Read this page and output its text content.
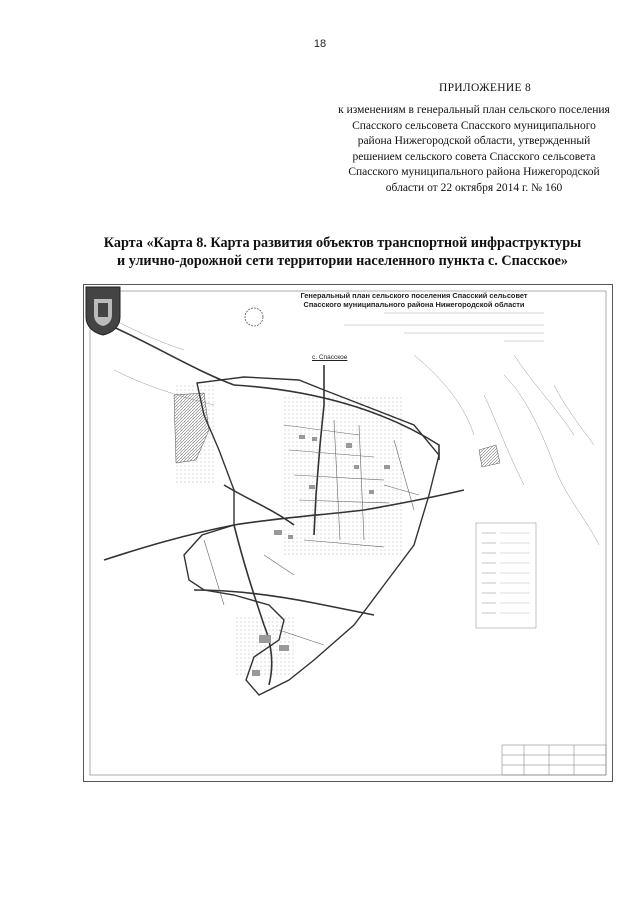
18
ПРИЛОЖЕНИЕ 8
к изменениям в генеральный план сельского поселения Спасского сельсовета Спасского муниципального района Нижегородской области, утвержденный решением сельского совета Спасского сельсовета Спасского муниципального района Нижегородской области от 22 октября 2014 г. № 160
Карта «Карта 8. Карта развития объектов транспортной инфраструктуры
и улично-дорожной сети территории населенного пункта с. Спасское»
Генеральный план сельского поселения Спасский сельсовет
Спасского муниципального района Нижегородской области
с. Спасское
